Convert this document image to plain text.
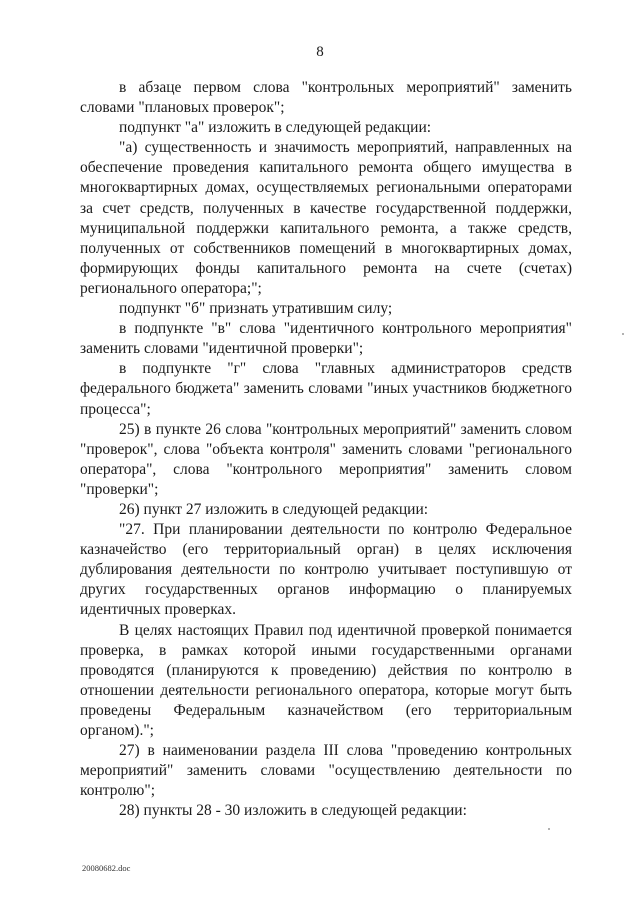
8

в абзаце первом слова "контрольных мероприятий" заменить словами "плановых проверок";

подпункт "а" изложить в следующей редакции:

"а) существенность и значимость мероприятий, направленных на обеспечение проведения капитального ремонта общего имущества в многоквартирных домах, осуществляемых региональными операторами за счет средств, полученных в качестве государственной поддержки, муниципальной поддержки капитального ремонта, а также средств, полученных от собственников помещений в многоквартирных домах, формирующих фонды капитального ремонта на счете (счетах) регионального оператора;";

подпункт "б" признать утратившим силу;

в подпункте "в" слова "идентичного контрольного мероприятия" заменить словами "идентичной проверки";

в подпункте "г" слова "главных администраторов средств федерального бюджета" заменить словами "иных участников бюджетного процесса";

25) в пункте 26 слова "контрольных мероприятий" заменить словом "проверок", слова "объекта контроля" заменить словами "регионального оператора", слова "контрольного мероприятия" заменить словом "проверки";

26) пункт 27 изложить в следующей редакции:

"27. При планировании деятельности по контролю Федеральное казначейство (его территориальный орган) в целях исключения дублирования деятельности по контролю учитывает поступившую от других государственных органов информацию о планируемых идентичных проверках.

В целях настоящих Правил под идентичной проверкой понимается проверка, в рамках которой иными государственными органами проводятся (планируются к проведению) действия по контролю в отношении деятельности регионального оператора, которые могут быть проведены Федеральным казначейством (его территориальным органом).";

27) в наименовании раздела III слова "проведению контрольных мероприятий" заменить словами "осуществлению деятельности по контролю";

28) пункты 28 - 30 изложить в следующей редакции:

20080682.doc
